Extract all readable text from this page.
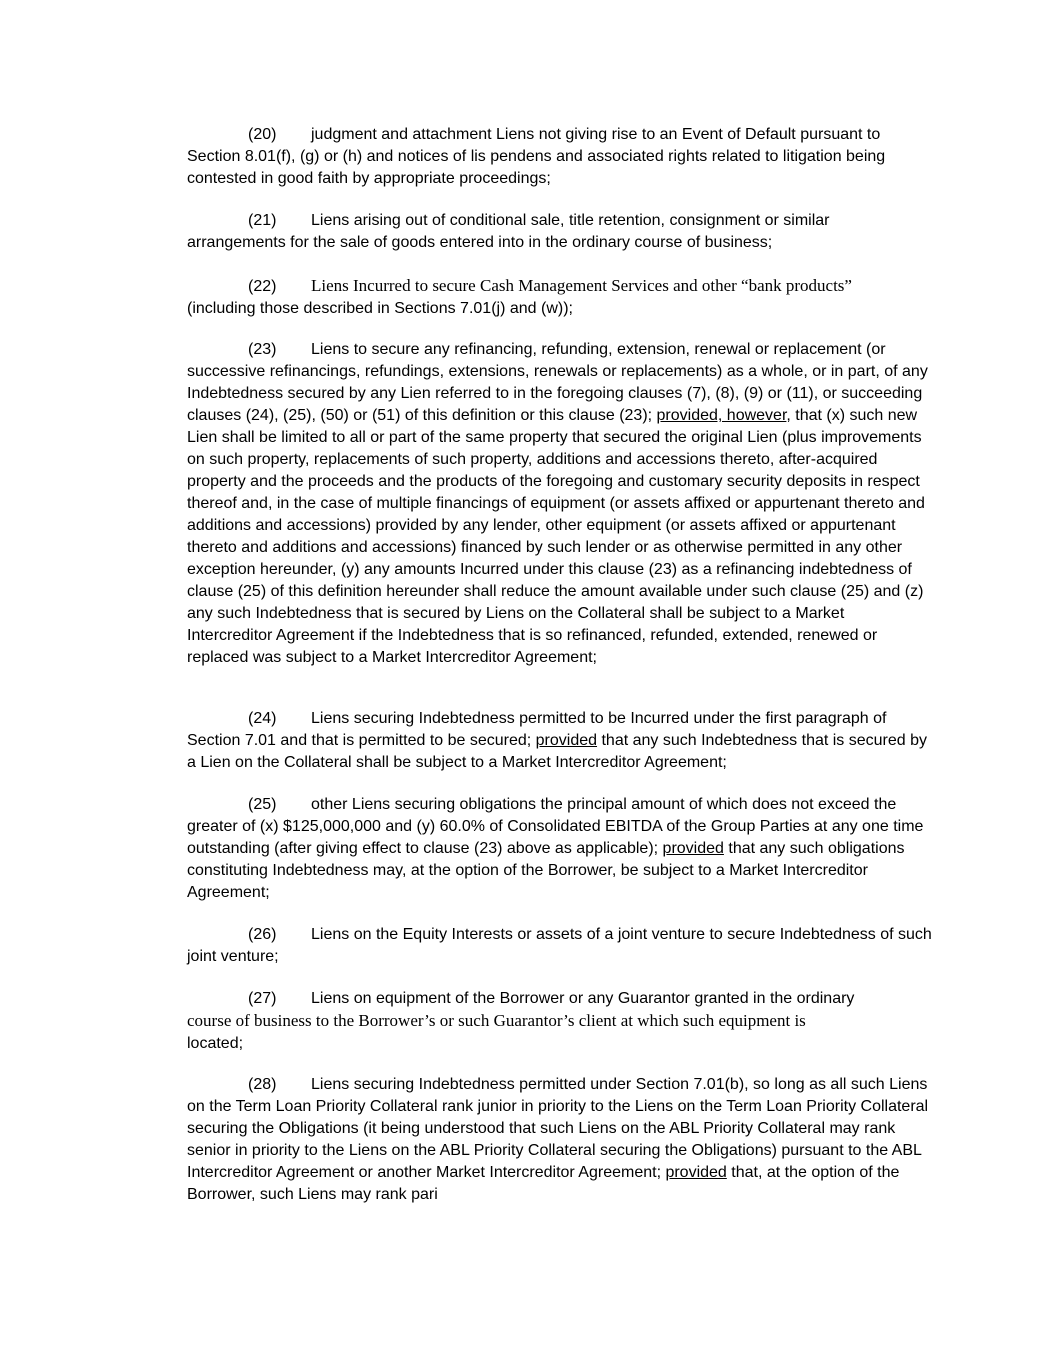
(20) judgment and attachment Liens not giving rise to an Event of Default pursuant to Section 8.01(f), (g) or (h) and notices of lis pendens and associated rights related to litigation being contested in good faith by appropriate proceedings;

(21) Liens arising out of conditional sale, title retention, consignment or similar arrangements for the sale of goods entered into in the ordinary course of business;

(22) Liens Incurred to secure Cash Management Services and other “bank products”
(including those described in Sections 7.01(j) and (w));

(23) Liens to secure any refinancing, refunding, extension, renewal or replacement (or successive refinancings, refundings, extensions, renewals or replacements) as a whole, or in part, of any Indebtedness secured by any Lien referred to in the foregoing clauses (7), (8), (9) or (11), or succeeding clauses (24), (25), (50) or (51) of this definition or this clause (23); provided, however, that (x) such new Lien shall be limited to all or part of the same property that secured the original Lien (plus improvements on such property, replacements of such property, additions and accessions thereto, after-acquired property and the proceeds and the products of the foregoing and customary security deposits in respect thereof and, in the case of multiple financings of equipment (or assets affixed or appurtenant thereto and additions and accessions) provided by any lender, other equipment (or assets affixed or appurtenant thereto and additions and accessions) financed by such lender or as otherwise permitted in any other exception hereunder, (y) any amounts Incurred under this clause (23) as a refinancing indebtedness of clause (25) of this definition hereunder shall reduce the amount available under such clause (25) and (z) any such Indebtedness that is secured by Liens on the Collateral shall be subject to a Market Intercreditor Agreement if the Indebtedness that is so refinanced, refunded, extended, renewed or replaced was subject to a Market Intercreditor Agreement;

(24) Liens securing Indebtedness permitted to be Incurred under the first paragraph of Section 7.01 and that is permitted to be secured; provided that any such Indebtedness that is secured by a Lien on the Collateral shall be subject to a Market Intercreditor Agreement;

(25) other Liens securing obligations the principal amount of which does not exceed the greater of (x) $125,000,000 and (y) 60.0% of Consolidated EBITDA of the Group Parties at any one time outstanding (after giving effect to clause (23) above as applicable); provided that any such obligations constituting Indebtedness may, at the option of the Borrower, be subject to a Market Intercreditor Agreement;

(26) Liens on the Equity Interests or assets of a joint venture to secure Indebtedness of such joint venture;

(27) Liens on equipment of the Borrower or any Guarantor granted in the ordinary
course of business to the Borrower’s or such Guarantor’s client at which such equipment is
located;

(28) Liens securing Indebtedness permitted under Section 7.01(b), so long as all such Liens on the Term Loan Priority Collateral rank junior in priority to the Liens on the Term Loan Priority Collateral securing the Obligations (it being understood that such Liens on the ABL Priority Collateral may rank senior in priority to the Liens on the ABL Priority Collateral securing the Obligations) pursuant to the ABL Intercreditor Agreement or another Market Intercreditor Agreement; provided that, at the option of the Borrower, such Liens may rank pari
